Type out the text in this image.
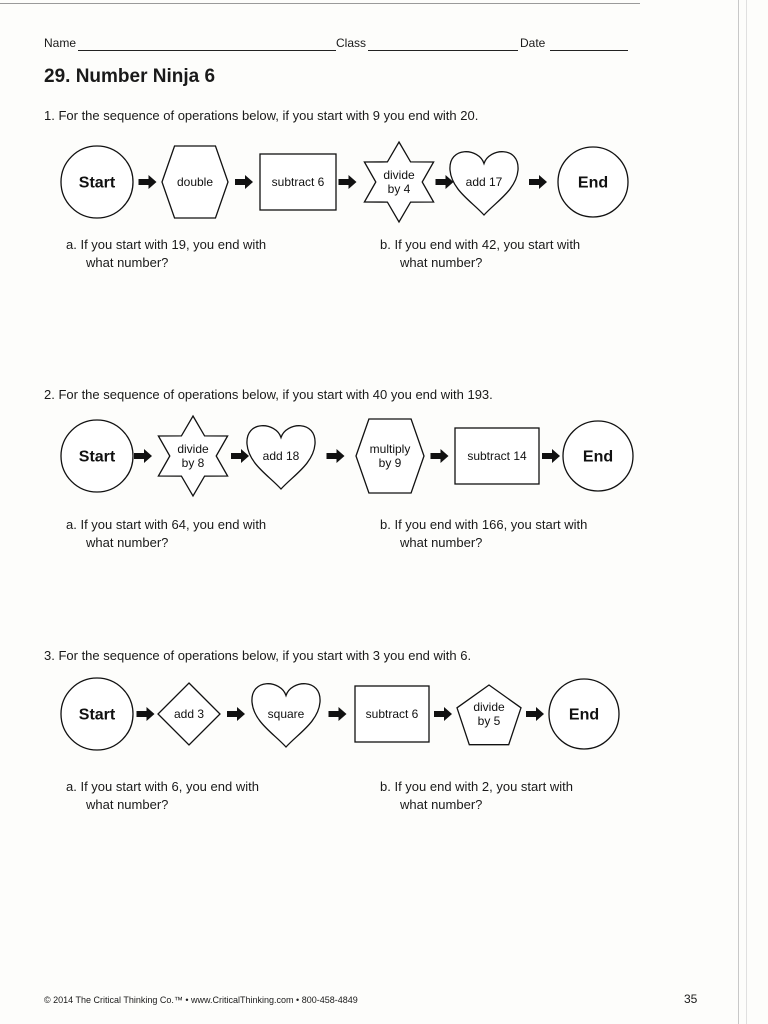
Name	Class	Date
29. Number Ninja 6
1. For the sequence of operations below, if you start with 9 you end with 20.
Start	double	subtract 6	divide
by 4	add 17	End
a. If you start with 19, you end with
what number?
b. If you end with 42, you start with
what number?
2. For the sequence of operations below, if you start with 40 you end with 193.
Start	divide
by 8	add 18	multiply
by 9	subtract 14	End
a. If you start with 64, you end with
what number?
b. If you end with 166, you start with
what number?
3. For the sequence of operations below, if you start with 3 you end with 6.
Start	add 3	square	subtract 6	divide
by 5	End
a. If you start with 6, you end with
what number?
b. If you end with 2, you start with
what number?
© 2014 The Critical Thinking Co.™ • www.CriticalThinking.com • 800-458-4849	35
